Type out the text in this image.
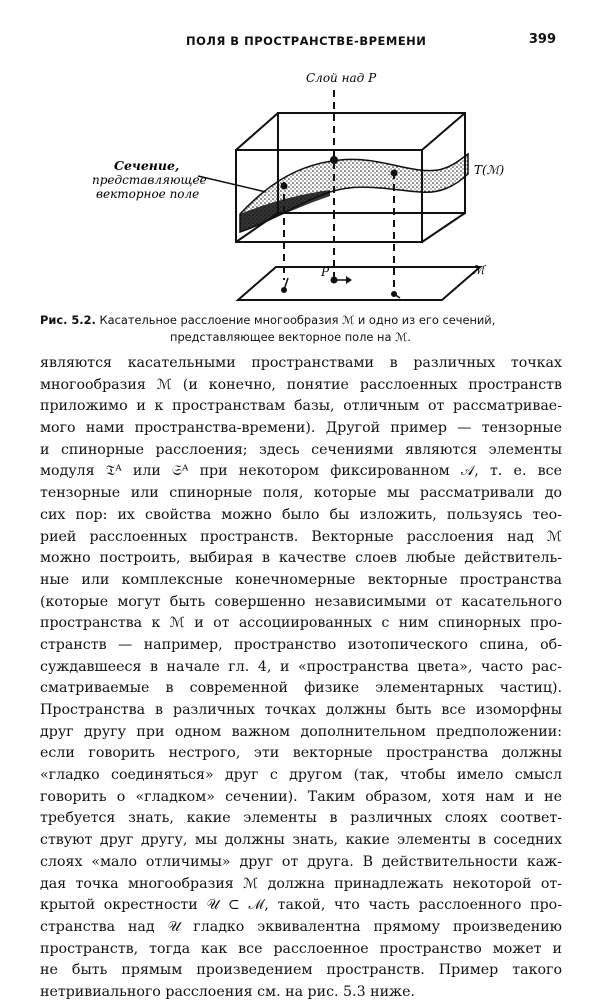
ПОЛЯ В ПРОСТРАНСТВЕ-ВРЕМЕНИ	399
Слой над P
Сечение,
представляющее
векторное поле
T(ℳ)
ℳ
P
Рис. 5.2. Касательное расслоение многообразия ℳ и одно из его сечений,
представляющее векторное поле на ℳ.
являются касательными пространствами в различных точках
многообразия ℳ (и конечно, понятие расслоенных пространств
приложимо и к пространствам базы, отличным от рассматривае-
мого нами пространства-времени). Другой пример — тензорные
и спинорные расслоения; здесь сечениями являются элементы
модуля 𝔗ᴬ или 𝔖ᴬ при некотором фиксированном 𝒜, т. е. все
тензорные или спинорные поля, которые мы рассматривали до
сих пор: их свойства можно было бы изложить, пользуясь тео-
рией расслоенных пространств. Векторные расслоения над ℳ
можно построить, выбирая в качестве слоев любые действитель-
ные или комплексные конечномерные векторные пространства
(которые могут быть совершенно независимыми от касательного
пространства к ℳ и от ассоциированных с ним спинорных про-
странств — например, пространство изотопического спина, об-
суждавшееся в начале гл. 4, и «пространства цвета», часто рас-
сматриваемые в современной физике элементарных частиц).
Пространства в различных точках должны быть все изоморфны
друг другу при одном важном дополнительном предположении:
если говорить нестрого, эти векторные пространства должны
«гладко соединяться» друг с другом (так, чтобы имело смысл
говорить о «гладком» сечении). Таким образом, хотя нам и не
требуется знать, какие элементы в различных слоях соответ-
ствуют друг другу, мы должны знать, какие элементы в соседних
слоях «мало отличимы» друг от друга. В действительности каж-
дая точка многообразия ℳ должна принадлежать некоторой от-
крытой окрестности 𝒰 ⊂ ℳ, такой, что часть расслоенного про-
странства над 𝒰 гладко эквивалентна прямому произведению
пространств, тогда как все расслоенное пространство может и
не быть прямым произведением пространств. Пример такого
нетривиального расслоения см. на рис. 5.3 ниже.
